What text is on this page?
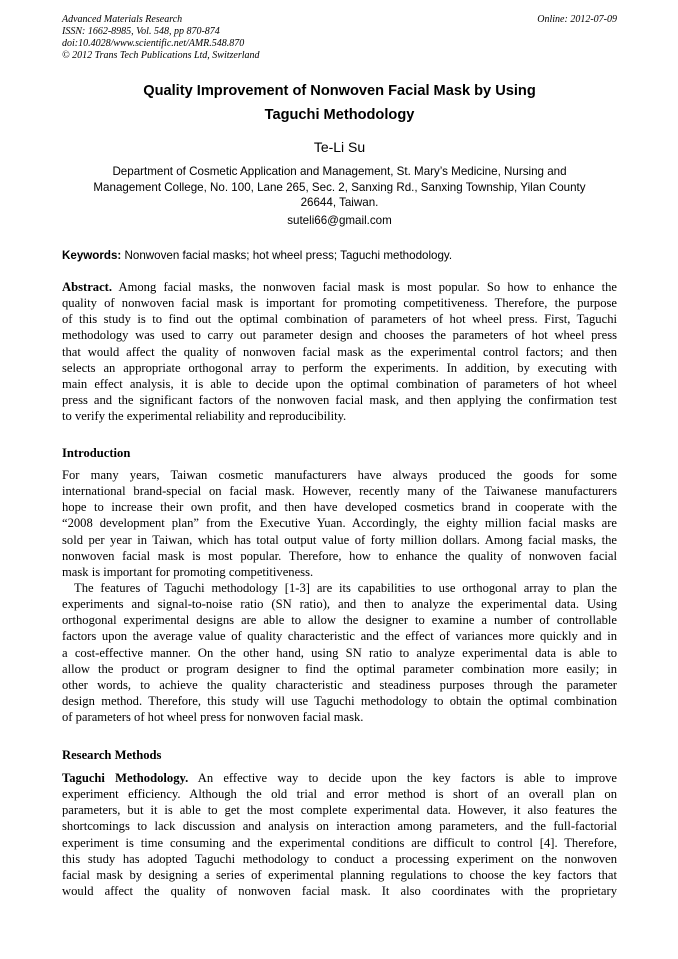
Advanced Materials Research
ISSN: 1662-8985, Vol. 548, pp 870-874
doi:10.4028/www.scientific.net/AMR.548.870
© 2012 Trans Tech Publications Ltd, Switzerland
Online: 2012-07-09
Quality Improvement of Nonwoven Facial Mask by Using
Taguchi Methodology
Te-Li Su
Department of Cosmetic Application and Management, St. Mary’s Medicine, Nursing and
Management College, No. 100, Lane 265, Sec. 2, Sanxing Rd., Sanxing Township, Yilan County
26644, Taiwan.
suteli66@gmail.com
Keywords: Nonwoven facial masks; hot wheel press; Taguchi methodology.
Abstract. Among facial masks, the nonwoven facial mask is most popular. So how to enhance the
quality of nonwoven facial mask is important for promoting competitiveness. Therefore, the purpose
of this study is to find out the optimal combination of parameters of hot wheel press. First, Taguchi
methodology was used to carry out parameter design and chooses the parameters of hot wheel press
that would affect the quality of nonwoven facial mask as the experimental control factors; and then
selects an appropriate orthogonal array to perform the experiments. In addition, by executing with
main effect analysis, it is able to decide upon the optimal combination of parameters of hot wheel
press and the significant factors of the nonwoven facial mask, and then applying the confirmation test
to verify the experimental reliability and reproducibility.
Introduction
For many years, Taiwan cosmetic manufacturers have always produced the goods for some
international brand-special on facial mask. However, recently many of the Taiwanese manufacturers
hope to increase their own profit, and then have developed cosmetics brand in cooperate with the
“2008 development plan” from the Executive Yuan. Accordingly, the eighty million facial masks are
sold per year in Taiwan, which has total output value of forty million dollars. Among facial masks, the
nonwoven facial mask is most popular. Therefore, how to enhance the quality of nonwoven facial
mask is important for promoting competitiveness.
The features of Taguchi methodology [1-3] are its capabilities to use orthogonal array to plan the
experiments and signal-to-noise ratio (SN ratio), and then to analyze the experimental data. Using
orthogonal experimental designs are able to allow the designer to examine a number of controllable
factors upon the average value of quality characteristic and the effect of variances more quickly and in
a cost-effective manner. On the other hand, using SN ratio to analyze experimental data is able to
allow the product or program designer to find the optimal parameter combination more easily; in
other words, to achieve the quality characteristic and steadiness purposes through the parameter
design method. Therefore, this study will use Taguchi methodology to obtain the optimal combination
of parameters of hot wheel press for nonwoven facial mask.
Research Methods
Taguchi Methodology. An effective way to decide upon the key factors is able to improve
experiment efficiency. Although the old trial and error method is short of an overall plan on
parameters, but it is able to get the most complete experimental data. However, it also features the
shortcomings to lack discussion and analysis on interaction among parameters, and the full-factorial
experiment is time consuming and the experimental conditions are difficult to control [4]. Therefore,
this study has adopted Taguchi methodology to conduct a processing experiment on the nonwoven
facial mask by designing a series of experimental planning regulations to choose the key factors that
would affect the quality of nonwoven facial mask. It also coordinates with the proprietary
